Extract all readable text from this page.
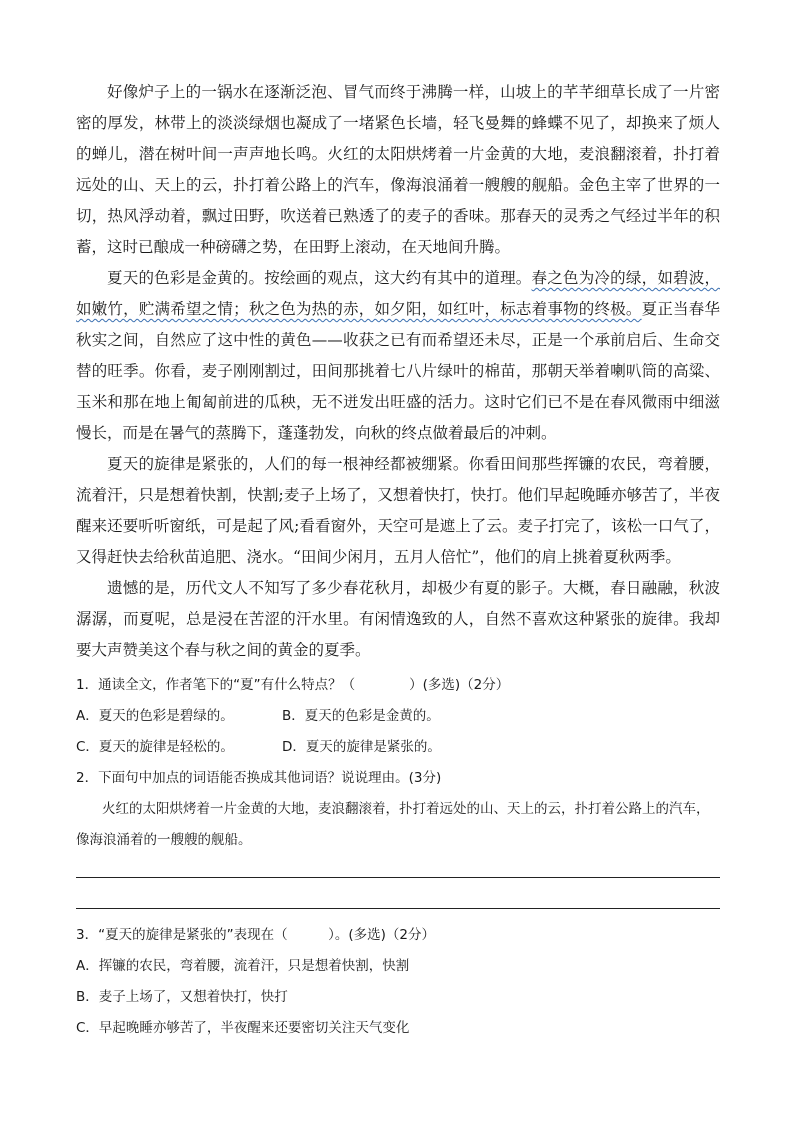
好像炉子上的一锅水在逐渐泛泡、冒气而终于沸腾一样，山坡上的芊芊细草长成了一片密密的厚发，林带上的淡淡绿烟也凝成了一堵紧色长墙，轻飞曼舞的蜂蝶不见了，却换来了烦人的蝉儿，潜在树叶间一声声地长鸣。火红的太阳烘烤着一片金黄的大地，麦浪翻滚着，扑打着远处的山、天上的云，扑打着公路上的汽车，像海浪涌着一艘艘的舰船。金色主宰了世界的一切，热风浮动着，飘过田野，吹送着已熟透了的麦子的香味。那春天的灵秀之气经过半年的积蓄，这时已酿成一种磅礴之势，在田野上滚动，在天地间升腾。

夏天的色彩是金黄的。按绘画的观点，这大约有其中的道理。春之色为冷的绿，如碧波，如嫩竹，贮满希望之情；秋之色为热的赤，如夕阳，如红叶，标志着事物的终极。夏正当春华秋实之间，自然应了这中性的黄色——收获之已有而希望还未尽，正是一个承前启后、生命交替的旺季。你看，麦子刚刚割过，田间那挑着七八片绿叶的棉苗，那朝天举着喇叭筒的高粱、玉米和那在地上匍匐前进的瓜秧，无不迸发出旺盛的活力。这时它们已不是在春风微雨中细滋慢长，而是在暑气的蒸腾下，蓬蓬勃发，向秋的终点做着最后的冲刺。

夏天的旋律是紧张的，人们的每一根神经都被绷紧。你看田间那些挥镰的农民，弯着腰，流着汗，只是想着快割，快割;麦子上场了，又想着快打，快打。他们早起晚睡亦够苦了，半夜醒来还要听听窗纸，可是起了风;看看窗外，天空可是遮上了云。麦子打完了，该松一口气了，又得赶快去给秋苗追肥、浇水。“田间少闲月，五月人倍忙”，他们的肩上挑着夏秋两季。

遗憾的是，历代文人不知写了多少春花秋月，却极少有夏的影子。大概，春日融融，秋波潺潺，而夏呢，总是浸在苦涩的汗水里。有闲情逸致的人，自然不喜欢这种紧张的旋律。我却要大声赞美这个春与秋之间的黄金的夏季。

1．通读全文，作者笔下的“夏”有什么特点？（　　　　）(多选)（2分）

A．夏天的色彩是碧绿的。	B．夏天的色彩是金黄的。
C．夏天的旋律是轻松的。	D．夏天的旋律是紧张的。

2．下面句中加点的词语能否换成其他词语？说说理由。(3分)

火红的太阳烘烤着一片金黄的大地，麦浪翻滚着，扑打着远处的山、天上的云，扑打着公路上的汽车，像海浪涌着的一艘艘的舰船。

3．“夏天的旋律是紧张的”表现在（　　　）。(多选)（2分）

A．挥镰的农民，弯着腰，流着汗，只是想着快割，快割

B．麦子上场了，又想着快打，快打

C．早起晚睡亦够苦了，半夜醒来还要密切关注天气变化
